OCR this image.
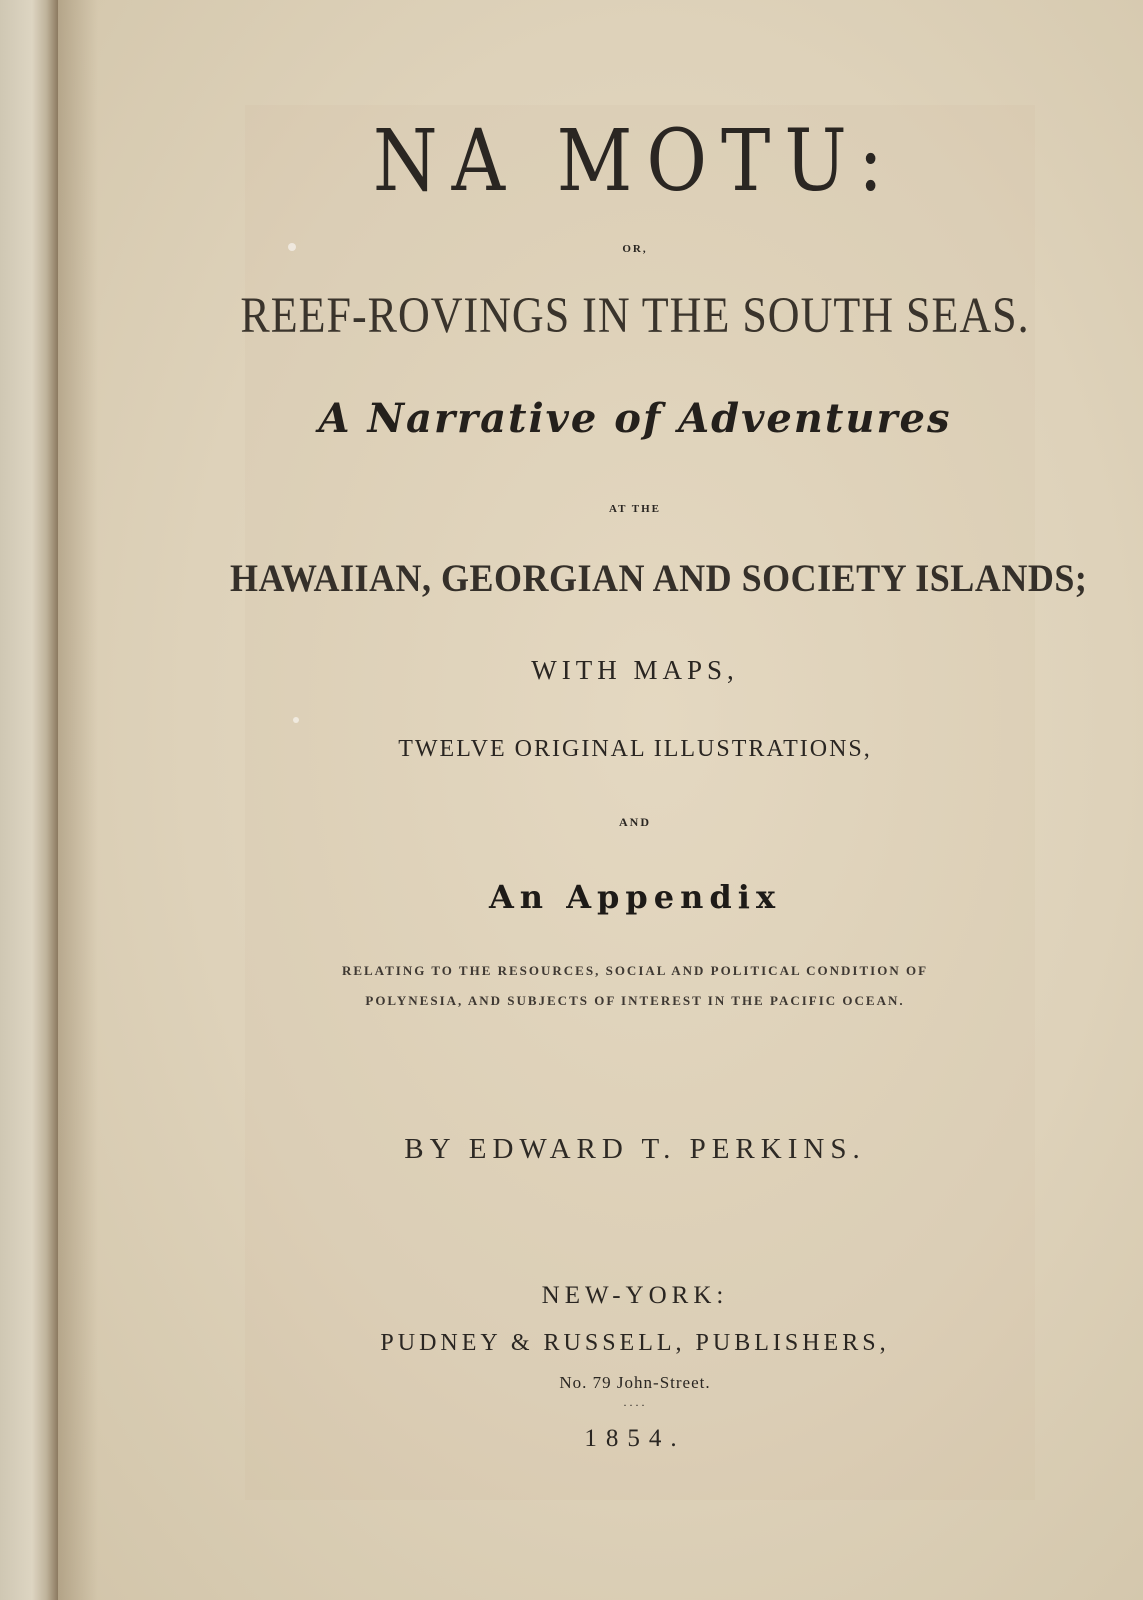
NA MOTU:
OR,
REEF-ROVINGS IN THE SOUTH SEAS.
A Narrative of Adventures
AT THE
HAWAIIAN, GEORGIAN AND SOCIETY ISLANDS;
WITH MAPS,
TWELVE ORIGINAL ILLUSTRATIONS,
AND
An Appendix
RELATING TO THE RESOURCES, SOCIAL AND POLITICAL CONDITION OF
POLYNESIA, AND SUBJECTS OF INTEREST IN THE PACIFIC OCEAN.
BY EDWARD T. PERKINS.
NEW-YORK:
PUDNEY & RUSSELL, PUBLISHERS,
No. 79 John-Street.
····
1854.
